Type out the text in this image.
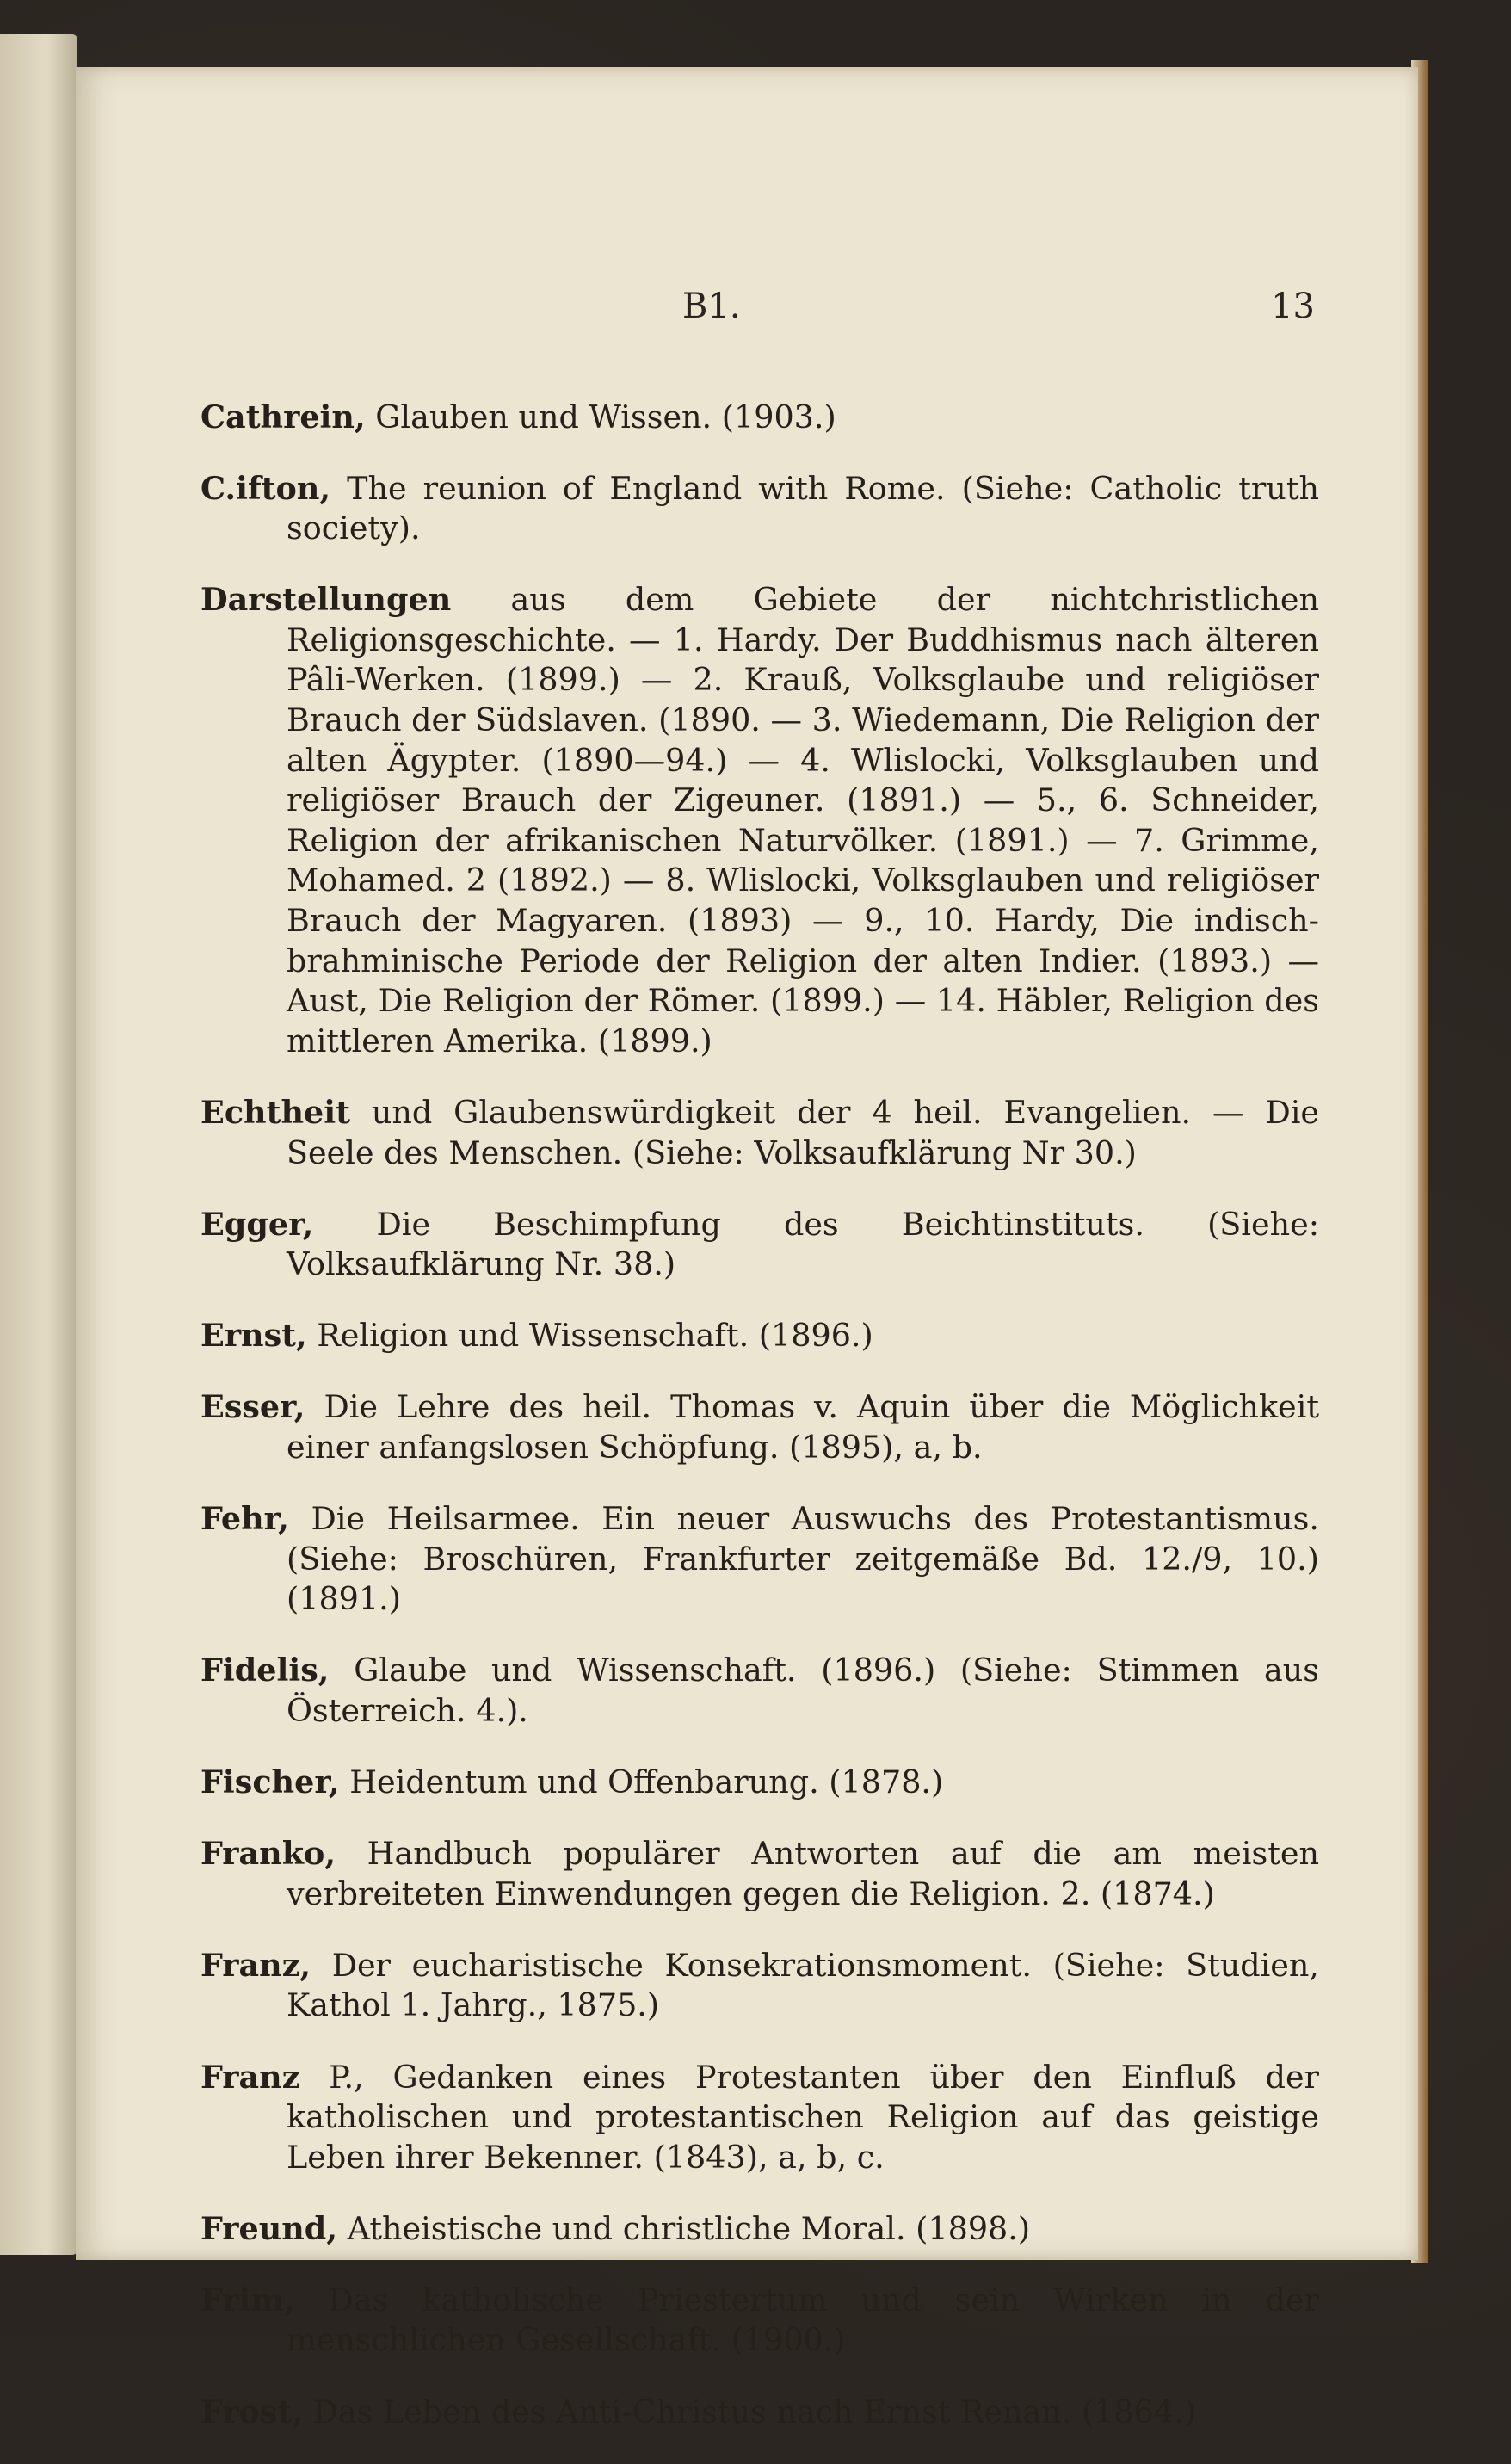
B1.	13

Cathrein, Glauben und Wissen. (1903.)

C.ifton, The reunion of England with Rome. (Siehe: Catholic truth society).

Darstellungen aus dem Gebiete der nichtchristlichen Religionsgeschichte. — 1. Hardy. Der Buddhismus nach älteren Pâli-Werken. (1899.) — 2. Krauß, Volksglaube und religiöser Brauch der Südslaven. (1890. — 3. Wiedemann, Die Religion der alten Ägypter. (1890—94.) — 4. Wlislocki, Volksglauben und religiöser Brauch der Zigeuner. (1891.) — 5., 6. Schneider, Religion der afrikanischen Naturvölker. (1891.) — 7. Grimme, Mohamed. 2 (1892.) — 8. Wlislocki, Volksglauben und religiöser Brauch der Magyaren. (1893) — 9., 10. Hardy, Die indisch-brahminische Periode der Religion der alten Indier. (1893.) — Aust, Die Religion der Römer. (1899.) — 14. Häbler, Religion des mittleren Amerika. (1899.)

Echtheit und Glaubenswürdigkeit der 4 heil. Evangelien. — Die Seele des Menschen. (Siehe: Volksaufklärung Nr 30.)

Egger, Die Beschimpfung des Beichtinstituts. (Siehe: Volksaufklärung Nr. 38.)

Ernst, Religion und Wissenschaft. (1896.)

Esser, Die Lehre des heil. Thomas v. Aquin über die Möglichkeit einer anfangslosen Schöpfung. (1895), a, b.

Fehr, Die Heilsarmee. Ein neuer Auswuchs des Protestantismus. (Siehe: Broschüren, Frankfurter zeitgemäße Bd. 12./9, 10.) (1891.)

Fidelis, Glaube und Wissenschaft. (1896.) (Siehe: Stimmen aus Österreich. 4.).

Fischer, Heidentum und Offenbarung. (1878.)

Franko, Handbuch populärer Antworten auf die am meisten verbreiteten Einwendungen gegen die Religion. 2. (1874.)

Franz, Der eucharistische Konsekrationsmoment. (Siehe: Studien, Kathol 1. Jahrg., 1875.)

Franz P., Gedanken eines Protestanten über den Einfluß der katholischen und protestantischen Religion auf das geistige Leben ihrer Bekenner. (1843), a, b, c.

Freund, Atheistische und christliche Moral. (1898.)

Frim, Das katholische Priestertum und sein Wirken in der menschlichen Gesellschaft. (1900.)

Frost, Das Leben des Anti-Christus nach Ernst Renan. (1864.)
